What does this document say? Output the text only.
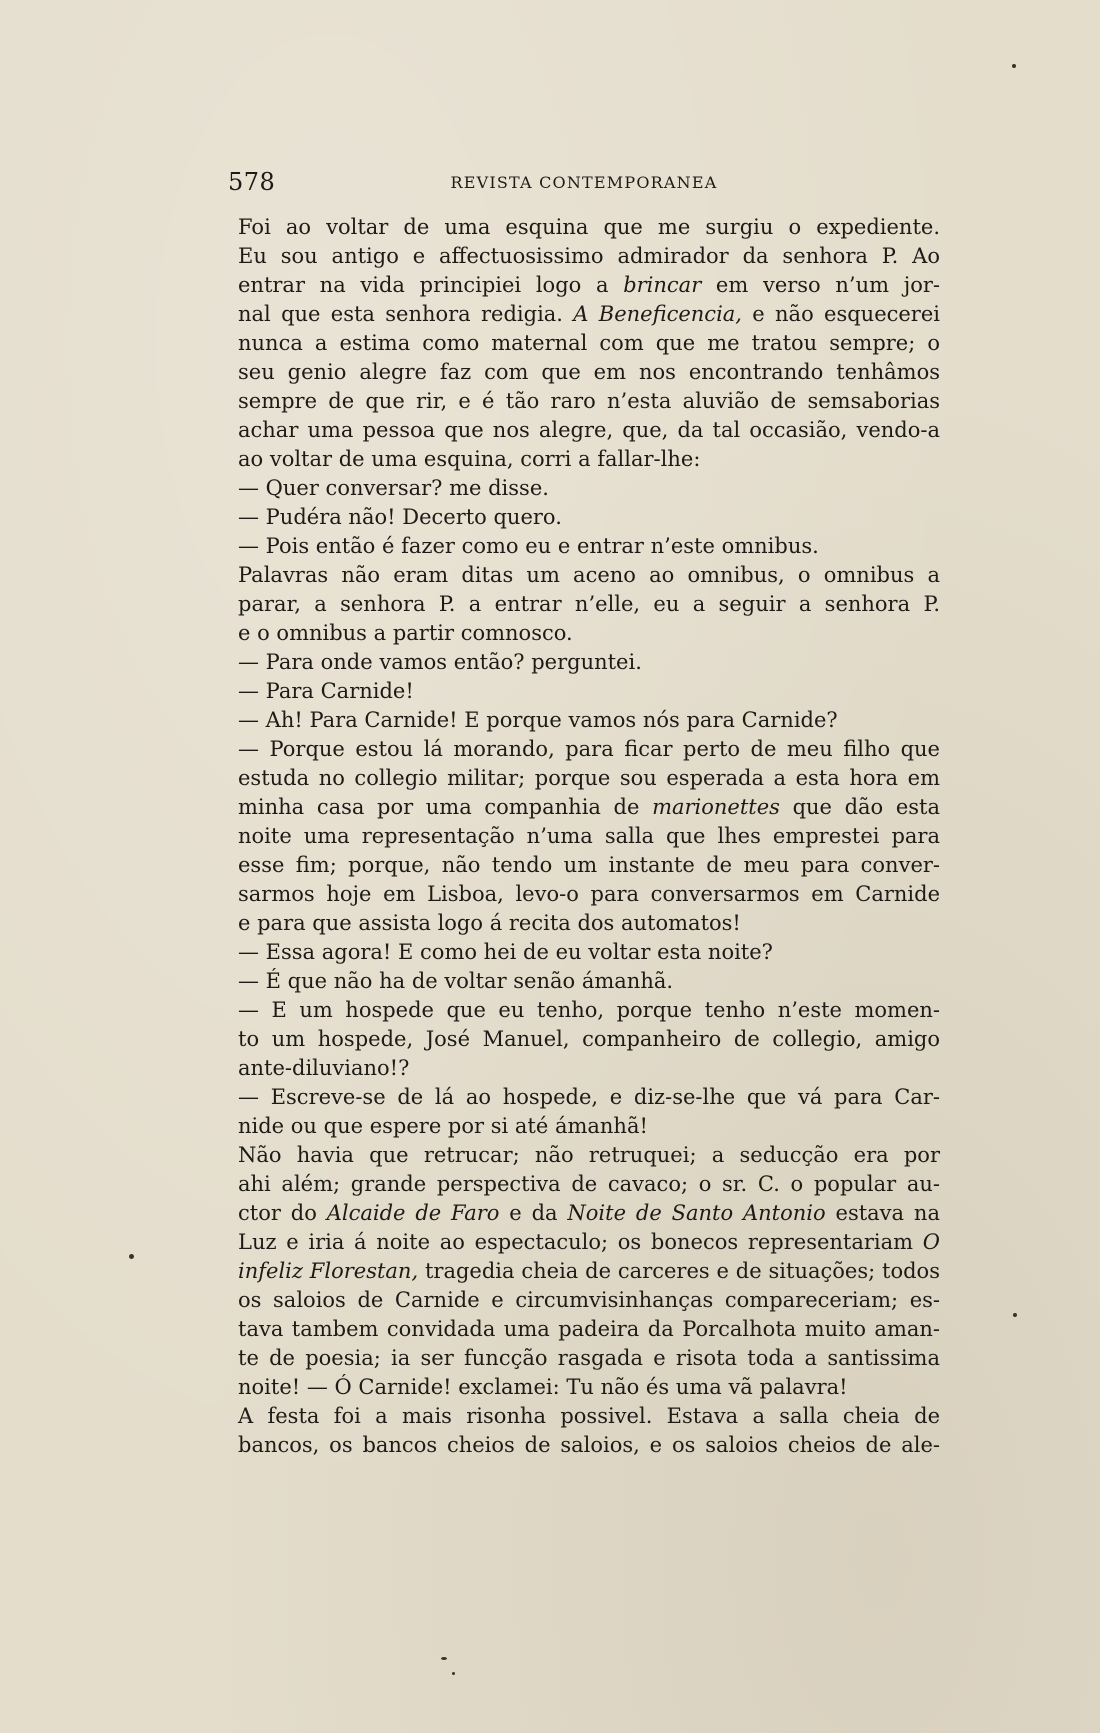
578	REVISTA CONTEMPORANEA
Foi ao voltar de uma esquina que me surgiu o expediente.
Eu sou antigo e affectuosissimo admirador da senhora P. Ao
entrar na vida principiei logo a brincar em verso n’um jor-
nal que esta senhora redigia. A Beneficencia, e não esquecerei
nunca a estima como maternal com que me tratou sempre; o
seu genio alegre faz com que em nos encontrando tenhâmos
sempre de que rir, e é tão raro n’esta aluvião de semsaborias
achar uma pessoa que nos alegre, que, da tal occasião, vendo-a
ao voltar de uma esquina, corri a fallar-lhe:
— Quer conversar? me disse.
— Pudéra não! Decerto quero.
— Pois então é fazer como eu e entrar n’este omnibus.
Palavras não eram ditas um aceno ao omnibus, o omnibus a
parar, a senhora P. a entrar n’elle, eu a seguir a senhora P.
e o omnibus a partir comnosco.
— Para onde vamos então? perguntei.
— Para Carnide!
— Ah! Para Carnide! E porque vamos nós para Carnide?
— Porque estou lá morando, para ficar perto de meu filho que
estuda no collegio militar; porque sou esperada a esta hora em
minha casa por uma companhia de marionettes que dão esta
noite uma representação n’uma salla que lhes emprestei para
esse fim; porque, não tendo um instante de meu para conver-
sarmos hoje em Lisboa, levo-o para conversarmos em Carnide
e para que assista logo á recita dos automatos!
— Essa agora! E como hei de eu voltar esta noite?
— É que não ha de voltar senão ámanhã.
— E um hospede que eu tenho, porque tenho n’este momen-
to um hospede, José Manuel, companheiro de collegio, amigo
ante-diluviano!?
— Escreve-se de lá ao hospede, e diz-se-lhe que vá para Car-
nide ou que espere por si até ámanhã!
Não havia que retrucar; não retruquei; a seducção era por
ahi além; grande perspectiva de cavaco; o sr. C. o popular au-
ctor do Alcaide de Faro e da Noite de Santo Antonio estava na
Luz e iria á noite ao espectaculo; os bonecos representariam O
infeliz Florestan, tragedia cheia de carceres e de situações; todos
os saloios de Carnide e circumvisinhanças compareceriam; es-
tava tambem convidada uma padeira da Porcalhota muito aman-
te de poesia; ia ser funcção rasgada e risota toda a santissima
noite! — Ó Carnide! exclamei: Tu não és uma vã palavra!
A festa foi a mais risonha possivel. Estava a salla cheia de
bancos, os bancos cheios de saloios, e os saloios cheios de ale-
